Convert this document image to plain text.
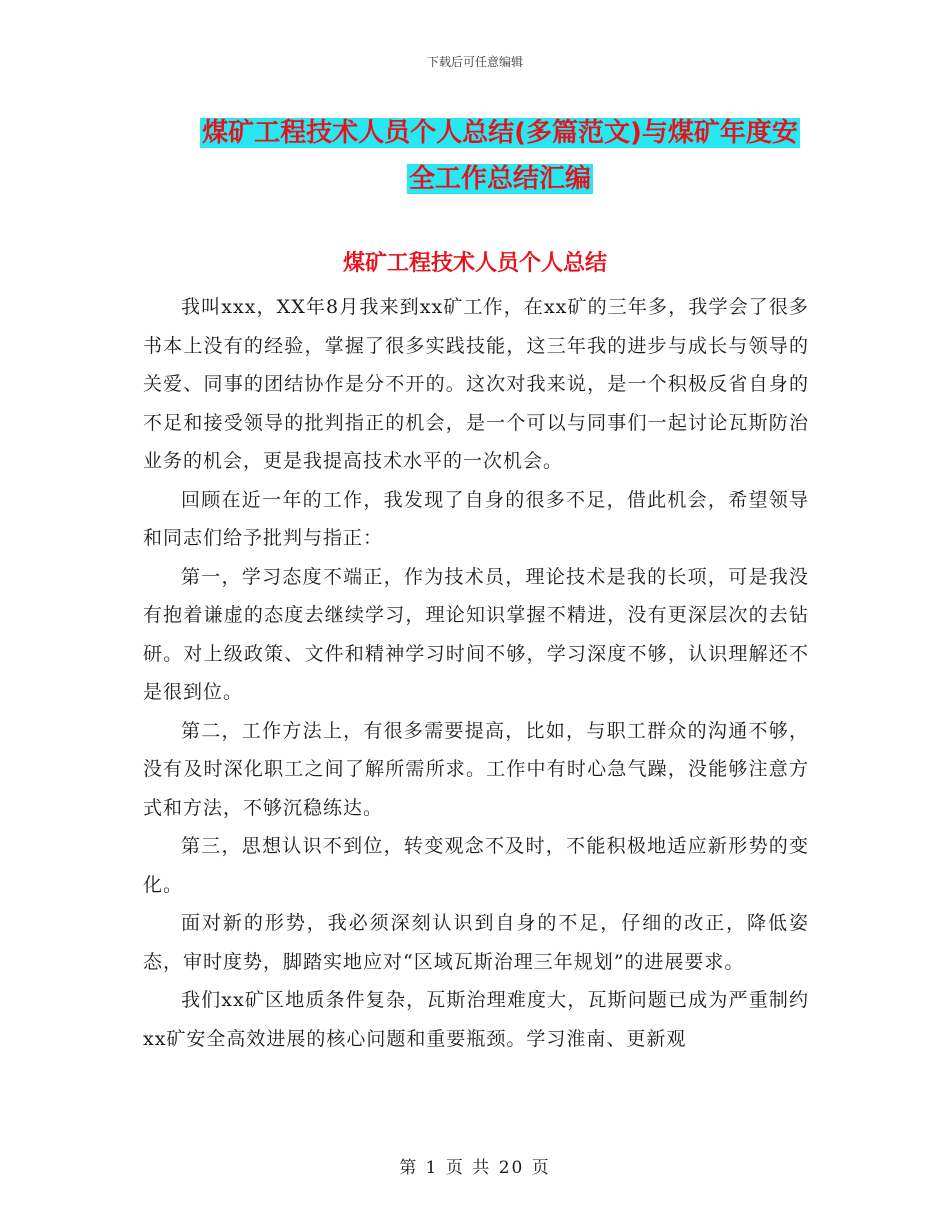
下载后可任意编辑
煤矿工程技术人员个人总结(多篇范文)与煤矿年度安
全工作总结汇编
煤矿工程技术人员个人总结

我叫xxx，XX年8月我来到xx矿工作，在xx矿的三年多，我学会了很多书本上没有的经验，掌握了很多实践技能，这三年我的进步与成长与领导的关爱、同事的团结协作是分不开的。这次对我来说，是一个积极反省自身的不足和接受领导的批判指正的机会，是一个可以与同事们一起讨论瓦斯防治业务的机会，更是我提高技术水平的一次机会。

回顾在近一年的工作，我发现了自身的很多不足，借此机会，希望领导和同志们给予批判与指正：

第一，学习态度不端正，作为技术员，理论技术是我的长项，可是我没有抱着谦虚的态度去继续学习，理论知识掌握不精进，没有更深层次的去钻研。对上级政策、文件和精神学习时间不够，学习深度不够，认识理解还不是很到位。

第二，工作方法上，有很多需要提高，比如，与职工群众的沟通不够，没有及时深化职工之间了解所需所求。工作中有时心急气躁，没能够注意方式和方法，不够沉稳练达。

第三，思想认识不到位，转变观念不及时，不能积极地适应新形势的变化。

面对新的形势，我必须深刻认识到自身的不足，仔细的改正，降低姿态，审时度势，脚踏实地应对“区域瓦斯治理三年规划”的进展要求。

我们xx矿区地质条件复杂，瓦斯治理难度大，瓦斯问题已成为严重制约xx矿安全高效进展的核心问题和重要瓶颈。学习淮南、更新观

第 1 页 共 20 页
